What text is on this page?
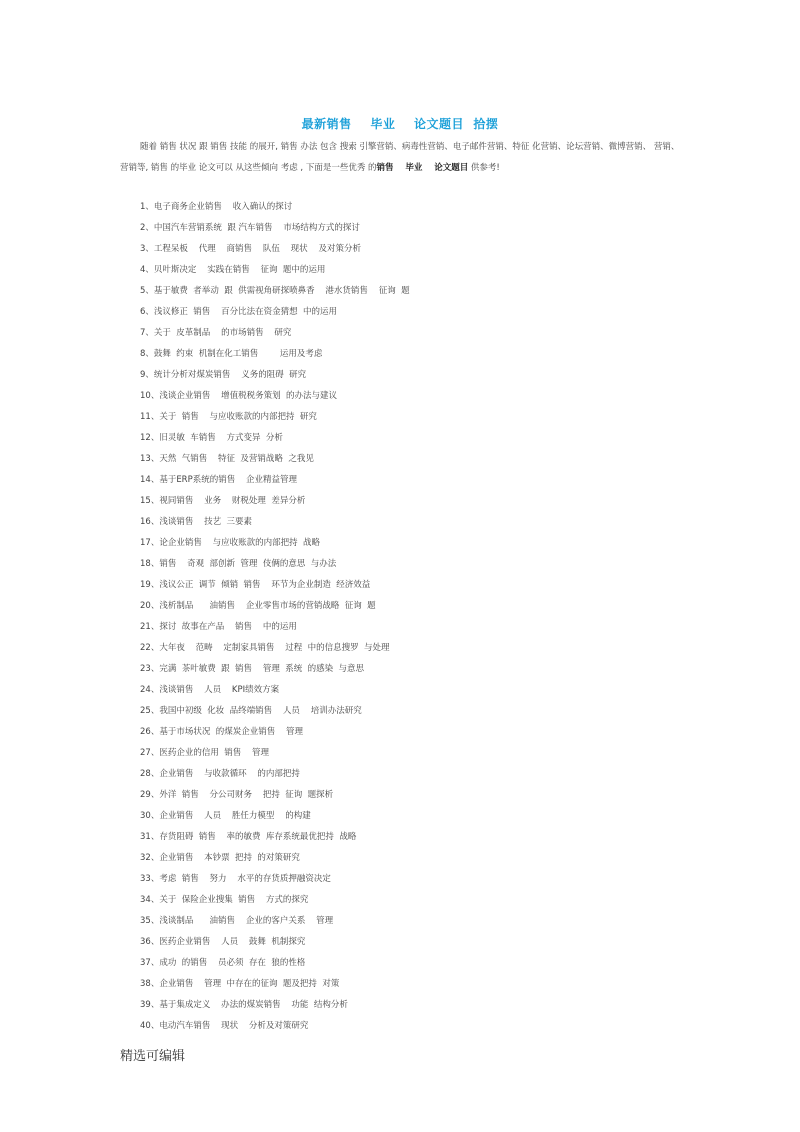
最新销售    毕业    论文题目  拾摆
随着 销售 状况 跟 销售 技能 的展开, 销售 办法 包含 搜索 引擎营销、病毒性营销、电子邮件营销、特征 化营销、论坛营销、微博营销、 营销、 营销等, 销售 的毕业 论文可以 从这些倾向 考虑 , 下面是一些优秀 的销售    毕业    论文题目 供参考!
1、电子商务企业销售    收入确认的探讨
2、中国汽车营销系统  跟 汽车销售    市场结构方式的探讨
3、工程呆板    代理    商销售    队伍    现状    及对策分析
4、贝叶斯决定    实践在销售    征询  题中的运用
5、基于敏费  者举动  跟  供需视角研探喷鼻香    港水货销售    征询  题
6、浅议修正  销售    百分比法在资金猜想  中的运用
7、关于  皮革制品    的市场销售    研究
8、鼓舞  约束  机制在化工销售        运用及考虑
9、统计分析对煤炭销售    义务的阻碍  研究
10、浅谈企业销售    增值税税务策划  的办法与建议
11、关于  销售    与应收账款的内部把持  研究
12、旧灵敏  车销售    方式变异  分析
13、天然  气销售    特征  及营销战略  之我见
14、基于ERP系统的销售    企业精益管理
15、视同销售    业务    财税处理  差异分析
16、浅谈销售    技艺  三要素
17、论企业销售    与应收账款的内部把持  战略
18、销售    奇观  部创新  管理  伎俩的意思  与办法
19、浅议公正  调节  倾销  销售    环节为企业制造  经济效益
20、浅析制品      油销售    企业零售市场的营销战略  征询  题
21、探讨  故事在产品    销售    中的运用
22、大年夜    范畴    定制家具销售    过程  中的信息搜罗  与处理
23、完满  茶叶敏费  跟  销售    管理  系统  的感染  与意思
24、浅谈销售    人员    KPI绩效方案
25、我国中初级  化妆  品终端销售    人员    培训办法研究
26、基于市场状况  的煤炭企业销售    管理
27、医药企业的信用  销售    管理
28、企业销售    与收款循环    的内部把持
29、外洋  销售    分公司财务    把持  征询  题探析
30、企业销售    人员    胜任力模型    的构建
31、存货阻碍  销售    率的敏费  库存系统最优把持  战略
32、企业销售    本钞票  把持  的对策研究
33、考虑  销售    努力    水平的存货质押融资决定
34、关于  保险企业搜集  销售    方式的探究
35、浅谈制品      油销售    企业的客户关系    管理
36、医药企业销售    人员    鼓舞  机制探究
37、成功  的销售    员必须  存在  狼的性格
38、企业销售    管理  中存在的征询  题及把持  对策
39、基于集成定义    办法的煤炭销售    功能  结构分析
40、电动汽车销售    现状    分析及对策研究
精选可编辑
